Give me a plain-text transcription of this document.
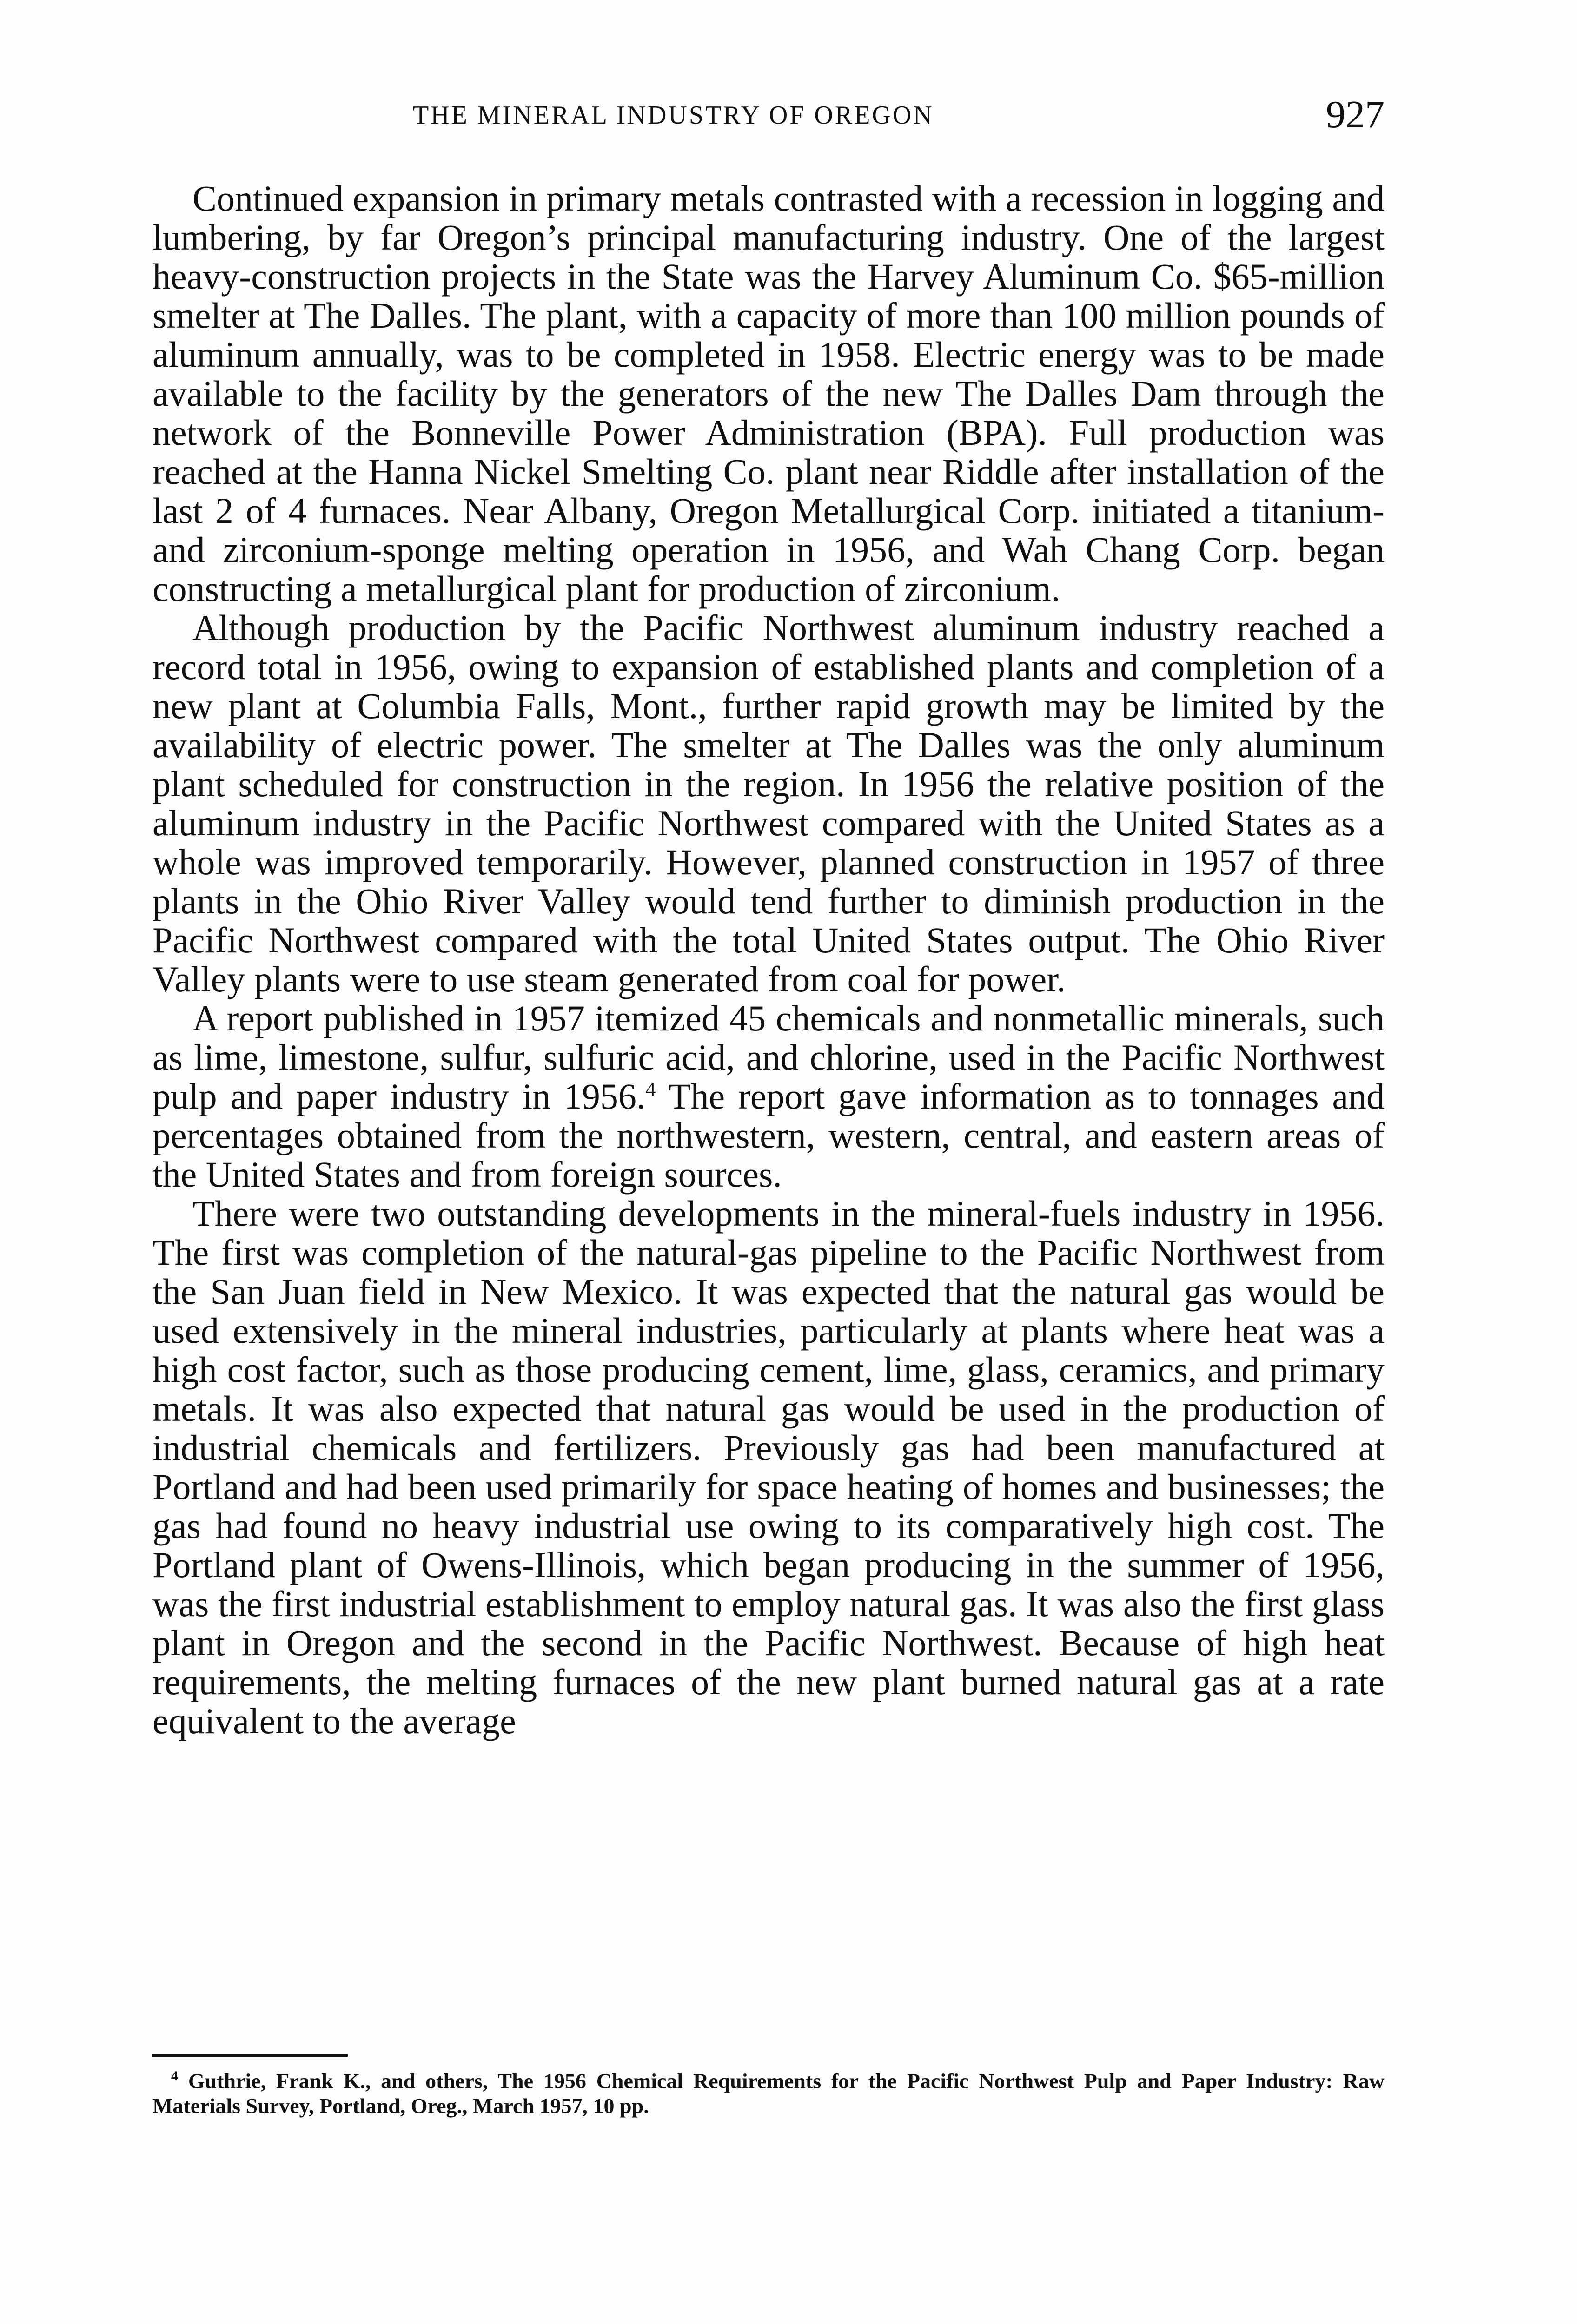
THE MINERAL INDUSTRY OF OREGON	927

Continued expansion in primary metals contrasted with a recession in logging and lumbering, by far Oregon’s principal manufacturing industry. One of the largest heavy-construction projects in the State was the Harvey Aluminum Co. $65-million smelter at The Dalles. The plant, with a capacity of more than 100 million pounds of aluminum annually, was to be completed in 1958. Electric energy was to be made available to the facility by the generators of the new The Dalles Dam through the network of the Bonneville Power Administration (BPA). Full production was reached at the Hanna Nickel Smelting Co. plant near Riddle after installation of the last 2 of 4 furnaces. Near Albany, Oregon Metallurgical Corp. initiated a titanium- and zirconium-sponge melting operation in 1956, and Wah Chang Corp. began constructing a metallurgical plant for production of zirconium.

Although production by the Pacific Northwest aluminum industry reached a record total in 1956, owing to expansion of established plants and completion of a new plant at Columbia Falls, Mont., further rapid growth may be limited by the availability of electric power. The smelter at The Dalles was the only aluminum plant scheduled for construction in the region. In 1956 the relative position of the aluminum industry in the Pacific Northwest compared with the United States as a whole was improved temporarily. However, planned construction in 1957 of three plants in the Ohio River Valley would tend further to diminish production in the Pacific Northwest compared with the total United States output. The Ohio River Valley plants were to use steam generated from coal for power.

A report published in 1957 itemized 45 chemicals and nonmetallic minerals, such as lime, limestone, sulfur, sulfuric acid, and chlorine, used in the Pacific Northwest pulp and paper industry in 1956.$^4$ The report gave information as to tonnages and percentages obtained from the northwestern, western, central, and eastern areas of the United States and from foreign sources.

There were two outstanding developments in the mineral-fuels industry in 1956. The first was completion of the natural-gas pipeline to the Pacific Northwest from the San Juan field in New Mexico. It was expected that the natural gas would be used extensively in the mineral industries, particularly at plants where heat was a high cost factor, such as those producing cement, lime, glass, ceramics, and primary metals. It was also expected that natural gas would be used in the production of industrial chemicals and fertilizers. Previously gas had been manufactured at Portland and had been used primarily for space heating of homes and businesses; the gas had found no heavy industrial use owing to its comparatively high cost. The Portland plant of Owens-Illinois, which began producing in the summer of 1956, was the first industrial establishment to employ natural gas. It was also the first glass plant in Oregon and the second in the Pacific Northwest. Because of high heat requirements, the melting furnaces of the new plant burned natural gas at a rate equivalent to the average

$^4$ Guthrie, Frank K., and others, The 1956 Chemical Requirements for the Pacific Northwest Pulp and Paper Industry: Raw Materials Survey, Portland, Oreg., March 1957, 10 pp.
